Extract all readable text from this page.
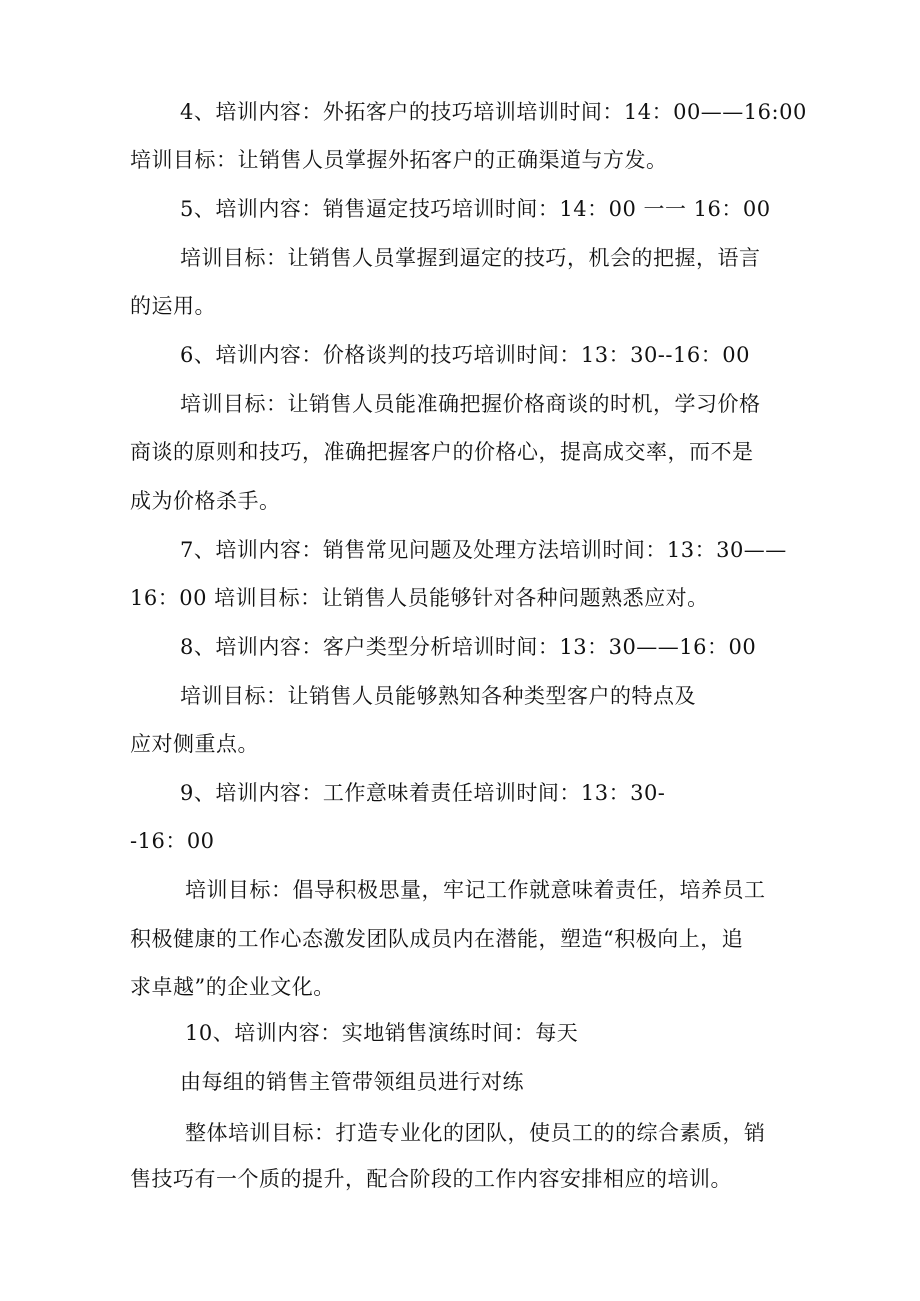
4、培训内容：外拓客户的技巧培训培训时间：14：00——16:00

培训目标：让销售人员掌握外拓客户的正确渠道与方发。

5、培训内容：销售逼定技巧培训时间：14：00 一一 16：00

培训目标：让销售人员掌握到逼定的技巧，机会的把握，语言

的运用。

6、培训内容：价格谈判的技巧培训时间：13：30--16：00

培训目标：让销售人员能准确把握价格商谈的时机，学习价格

商谈的原则和技巧，准确把握客户的价格心，提高成交率，而不是

成为价格杀手。

7、培训内容：销售常见问题及处理方法培训时间：13：30——

16：00 培训目标：让销售人员能够针对各种问题熟悉应对。

8、培训内容：客户类型分析培训时间：13：30——16：00

培训目标：让销售人员能够熟知各种类型客户的特点及

应对侧重点。

9、培训内容：工作意味着责任培训时间：13：30-

-16：00

培训目标：倡导积极思量，牢记工作就意味着责任，培养员工

积极健康的工作心态激发团队成员内在潜能，塑造“积极向上，追

求卓越”的企业文化。

10、培训内容：实地销售演练时间：每天

由每组的销售主管带领组员进行对练

整体培训目标：打造专业化的团队，使员工的的综合素质，销

售技巧有一个质的提升，配合阶段的工作内容安排相应的培训。
